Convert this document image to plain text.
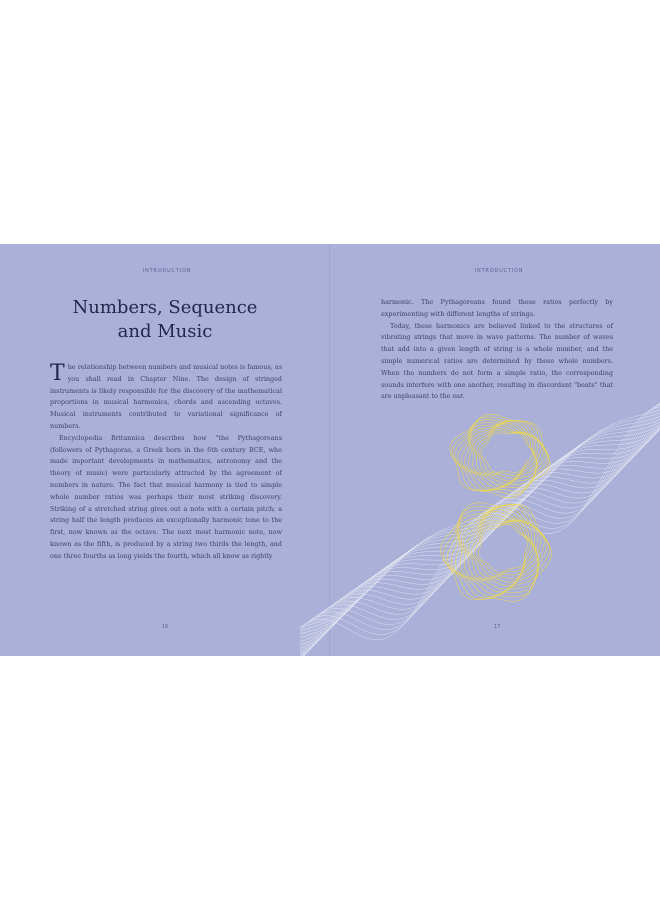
INTRODUCTION
Numbers, Sequence
and Music

The relationship between numbers and musical notes is famous, as you shall read in Chapter Nine. The design of stringed instruments is likely responsible for the discovery of the mathematical proportions in musical harmonics, chords and ascending octaves. Musical instruments contributed to variational significance of numbers.

Encyclopedia Britannica describes how "the Pythagoreans (followers of Pythagoras, a Greek born in the 6th century BCE, who made important developments in mathematics, astronomy and the theory of music) were particularly attracted by the agreement of numbers in nature. The fact that musical harmony is tied to simple whole number ratios was perhaps their most striking discovery. Striking of a stretched string gives out a note with a certain pitch; a string half the length produces an exceptionally harmonic tone to the first, now known as the octave. The next most harmonic note, now known as the fifth, is produced by a string two thirds the length, and one three fourths as long yields the fourth, which all know as rightly

16
INTRODUCTION

harmonic. The Pythagoreans found these ratios perfectly by experimenting with different lengths of strings.

Today, these harmonics are believed linked to the structures of vibrating strings that move in wave patterns. The number of waves that add into a given length of string is a whole number, and the simple numerical ratios are determined by these whole numbers. When the numbers do not form a simple ratio, the corresponding sounds interfere with one another, resulting in discordant "beats" that are unpleasant to the ear.

17
